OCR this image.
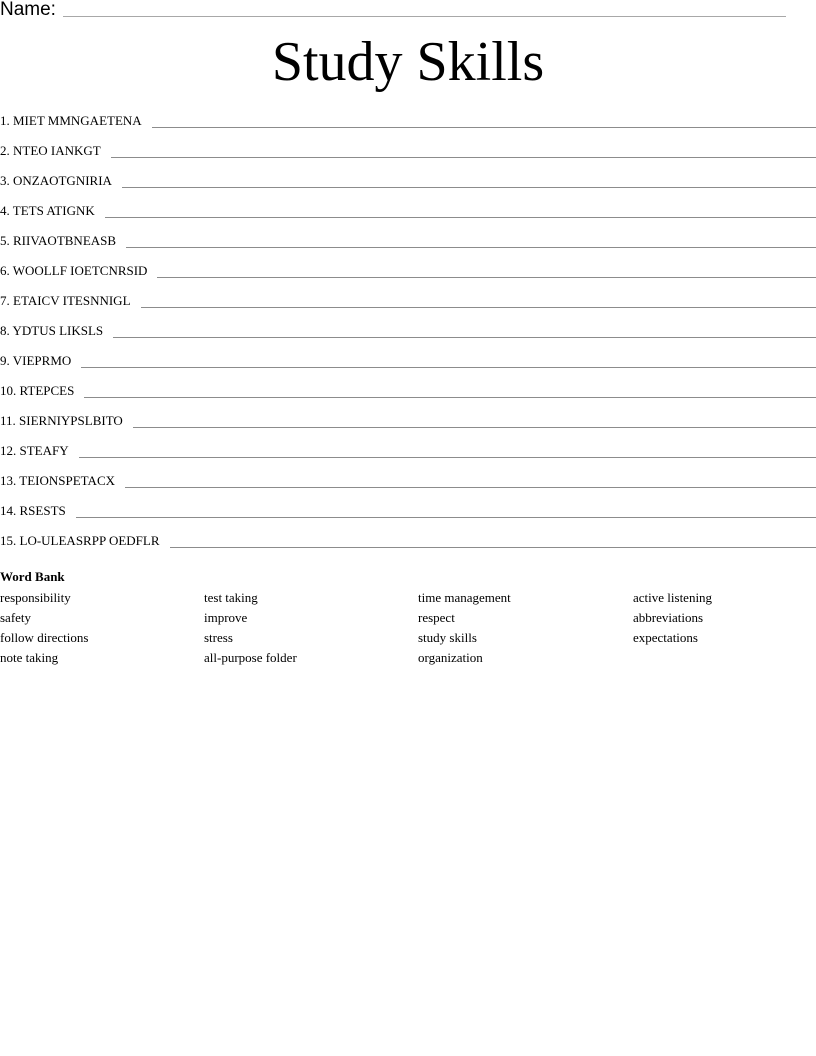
Name:
Study Skills
1. MIET MMNGAETENA
2. NTEO IANKGT
3. ONZAOTGNIRIA
4. TETS ATIGNK
5. RIIVAOTBNEASB
6. WOOLLF IOETCNRSID
7. ETAICV ITESNNIGL
8. YDTUS LIKSLS
9. VIEPRMO
10. RTEPCES
11. SIERNIYPSLBITO
12. STEAFY
13. TEIONSPETACX
14. RSESTS
15. LO-ULEASRPP OEDFLR
Word Bank
responsibility
safety
follow directions
note taking
test taking
improve
stress
all-purpose folder
time management
respect
study skills
organization
active listening
abbreviations
expectations
